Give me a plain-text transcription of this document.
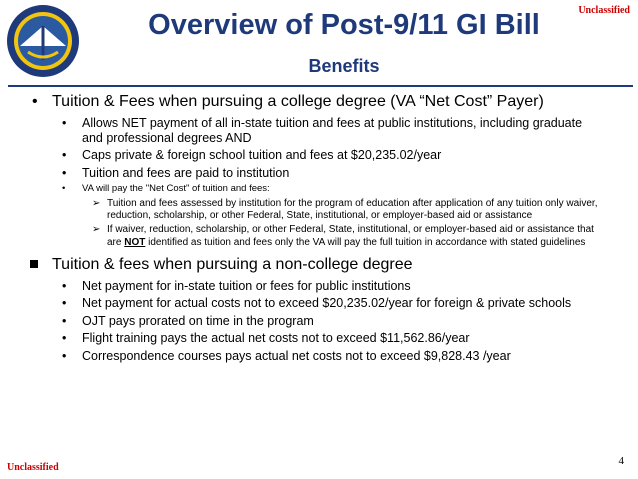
Unclassified
Overview of Post-9/11 GI Bill
Benefits
• Tuition & Fees when pursuing a college degree (VA “Net Cost” Payer)
• Allows NET payment of all in-state tuition and fees at public institutions, including graduate and professional degrees AND
• Caps private & foreign school tuition and fees at $20,235.02/year
• Tuition and fees are paid to institution
• VA will pay the "Net Cost" of tuition and fees:
➢ Tuition and fees assessed by institution for the program of education after application of any tuition only waiver, reduction, scholarship, or other Federal, State, institutional, or employer-based aid or assistance
➢ If waiver, reduction, scholarship, or other Federal, State, institutional, or employer-based aid or assistance that are NOT identified as tuition and fees only the VA will pay the full tuition in accordance with stated guidelines
Tuition & fees when pursuing a non-college degree
• Net payment for in-state tuition or fees for public institutions
• Net payment for actual costs not to exceed $20,235.02/year for foreign & private schools
• OJT pays prorated on time in the program
• Flight training pays the actual net costs not to exceed $11,562.86/year
• Correspondence courses pays actual net costs not to exceed $9,828.43 /year
4
Unclassified
